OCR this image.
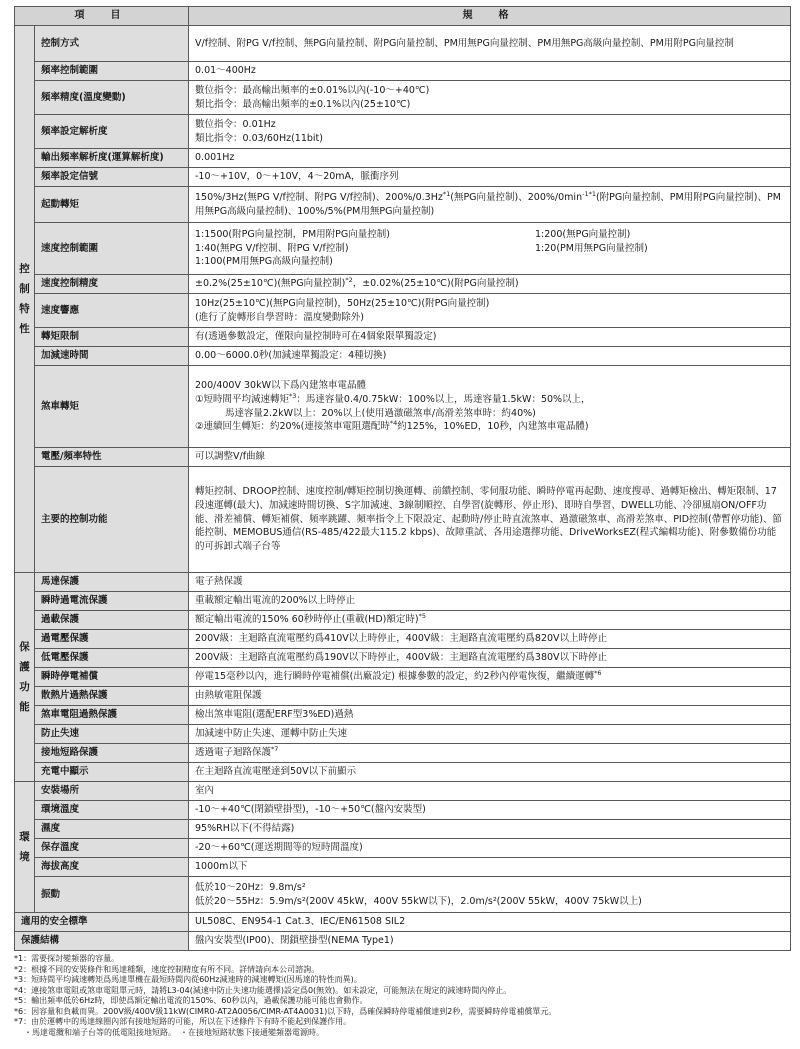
項　目		規　格

控
制
特
性	控制方式	V/f控制、附PG V/f控制、無PG向量控制、附PG向量控制、PM用無PG向量控制、PM用無PG高級向量控制、PM用附PG向量控制

	頻率控制範圍	0.01～400Hz

	頻率精度(溫度變動)	數位指令：最高輸出頻率的±0.01%以內(-10～+40℃)
類比指令：最高輸出頻率的±0.1%以內(25±10℃)

	頻率設定解析度	數位指令：0.01Hz
類比指令：0.03/60Hz(11bit)

	輸出頻率解析度(運算解析度)	0.001Hz

	頻率設定信號	-10～+10V，0～+10V，4～20mA，脈衝序列

	起動轉矩	150%/3Hz(無PG V/f控制、附PG V/f控制)、200%/0.3Hz$^{*1}$(無PG向量控制)、$200\%/0\min^{-1*1}$(附PG向量控制、PM用附PG向量控制)、PM用無PG高級向量控制)、100%/5%(PM用無PG向量控制)

	速度控制範圍	1:1500(附PG向量控制，PM用附PG向量控制) 1:200(無PG向量控制)
1:40(無PG V/f控制、附PG V/f控制) 1:20(PM用無PG向量控制)
1:100(PM用無PG高級向量控制)

	速度控制精度	±0.2%(25±10℃)(無PG向量控制)$^{*2}$，±0.02%(25±10℃)(附PG向量控制)

	速度響應	10Hz(25±10℃)(無PG向量控制)，50Hz(25±10℃)(附PG向量控制)
(進行了旋轉形自學習時：溫度變動除外)

	轉矩限制	有(透過參數設定，僅限向量控制時可在4個象限單獨設定)

	加減速時間	0.00～6000.0秒(加減速單獨設定：4種切換)

	煞車轉矩	200/400V 30kW以下爲內建煞車電晶體
①短時間平均減速轉矩$^{*3}$：馬達容量0.4/0.75kW：100%以上，馬達容量1.5kW：50%以上，
馬達容量2.2kW以上：20%以上(使用過激磁煞車/高滑差煞車時：約40%)
②連續回生轉矩：約20%(連接煞車電阻選配時$^{*4}$約125%，10%ED，10秒，內建煞車電晶體)

	電壓/頻率特性	可以調整V/f曲線

	主要的控制功能	轉矩控制、DROOP控制、速度控制/轉矩控制切換運轉、前饋控制、零伺服功能、瞬時停電再起動、速度搜尋、過轉矩檢出、轉矩限制、17段速運轉(最大)、加減速時間切換、S字加減速、3線制順控、自學習(旋轉形、停止形)、即時自學習、DWELL功能、冷卻風扇ON/OFF功能、滑差補償、轉矩補償、頻率跳躍、頻率指令上下限設定、起動時/停止時直流煞車、過激磁煞車、高滑差煞車、PID控制(帶暫停功能)、節能控制、MEMOBUS通信(RS-485/422最大115.2 kbps)、故障重試、各用途選擇功能、DriveWorksEZ(程式編輯功能)、附參數備份功能的可拆卸式端子台等

保
護
功
能	馬達保護	電子熱保護

	瞬時過電流保護	重載額定輸出電流的200%以上時停止

	過載保護	額定輸出電流的150% 60秒時停止(重載(HD)額定時)$^{*5}$

	過電壓保護	200V級：主迴路直流電壓約爲410V以上時停止，400V級：主迴路直流電壓約爲820V以上時停止

	低電壓保護	200V級：主迴路直流電壓約爲190V以下時停止，400V級：主迴路直流電壓約爲380V以下時停止

	瞬時停電補償	停電15毫秒以內，進行瞬時停電補償(出廠設定) 根據參數的設定，約2秒內停電恢復，繼續運轉$^{*6}$

	散熱片過熱保護	由熱敏電阻保護

	煞車電阻過熱保護	檢出煞車電阻(選配ERF型3%ED)過熱

	防止失速	加減速中防止失速、運轉中防止失速

	接地短路保護	透過電子迴路保護$^{*7}$

	充電中顯示	在主迴路直流電壓達到50V以下前顯示

環
境	安裝場所	室內

	環境溫度	-10～+40℃(閉鎖壁掛型)，-10～+50℃(盤內安裝型)

	濕度	95%RH以下(不得結露)

	保存溫度	-20～+60℃(運送期間等的短時間溫度)

	海拔高度	1000m以下

	振動	低於10～20Hz：9.8m/s²
低於20～55Hz：5.9m/s²(200V 45kW，400V 55kW以下)，2.0m/s²(200V 55kW，400V 75kW以上)

適用的安全標準		UL508C、EN954-1 Cat.3、IEC/EN61508 SIL2

保護結構		盤內安裝型(IP00)、閉鎖壁掛型(NEMA Type1)
*1：需要探討變頻器的容量。
*2：根據不同的安裝條件和馬達種類，速度控制精度有所不同。詳情請向本公司諮詢。
*3：短時間平均減速轉矩爲馬達單機在最短時間內從60Hz減速時的減速轉矩(因馬達的特性而異)。
*4：連接煞車電阻或煞車電阻單元時，請將L3-04(減速中防止失速功能選擇)設定爲0(無效)。如未設定，可能無法在規定的減速時間內停止。
*5：輸出頻率低於6Hz時，即使爲額定輸出電流的150%、60秒以內，過載保護功能可能也會動作。
*6：因容量和負載而異。200V級/400V級11kW(CIMR0-AT2A0056/CIMR-AT4A0031)以下時，爲確保瞬時停電補償達到2秒，需要瞬時停電補償單元。
*7：由於運轉中的馬達線圈內部有接地短路的可能，所以在下述條件下有時不能起到保護作用。
・馬達電纜和端子台等的低電阻接地短路。　・在接地短路狀態下接通變頻器電源時。
